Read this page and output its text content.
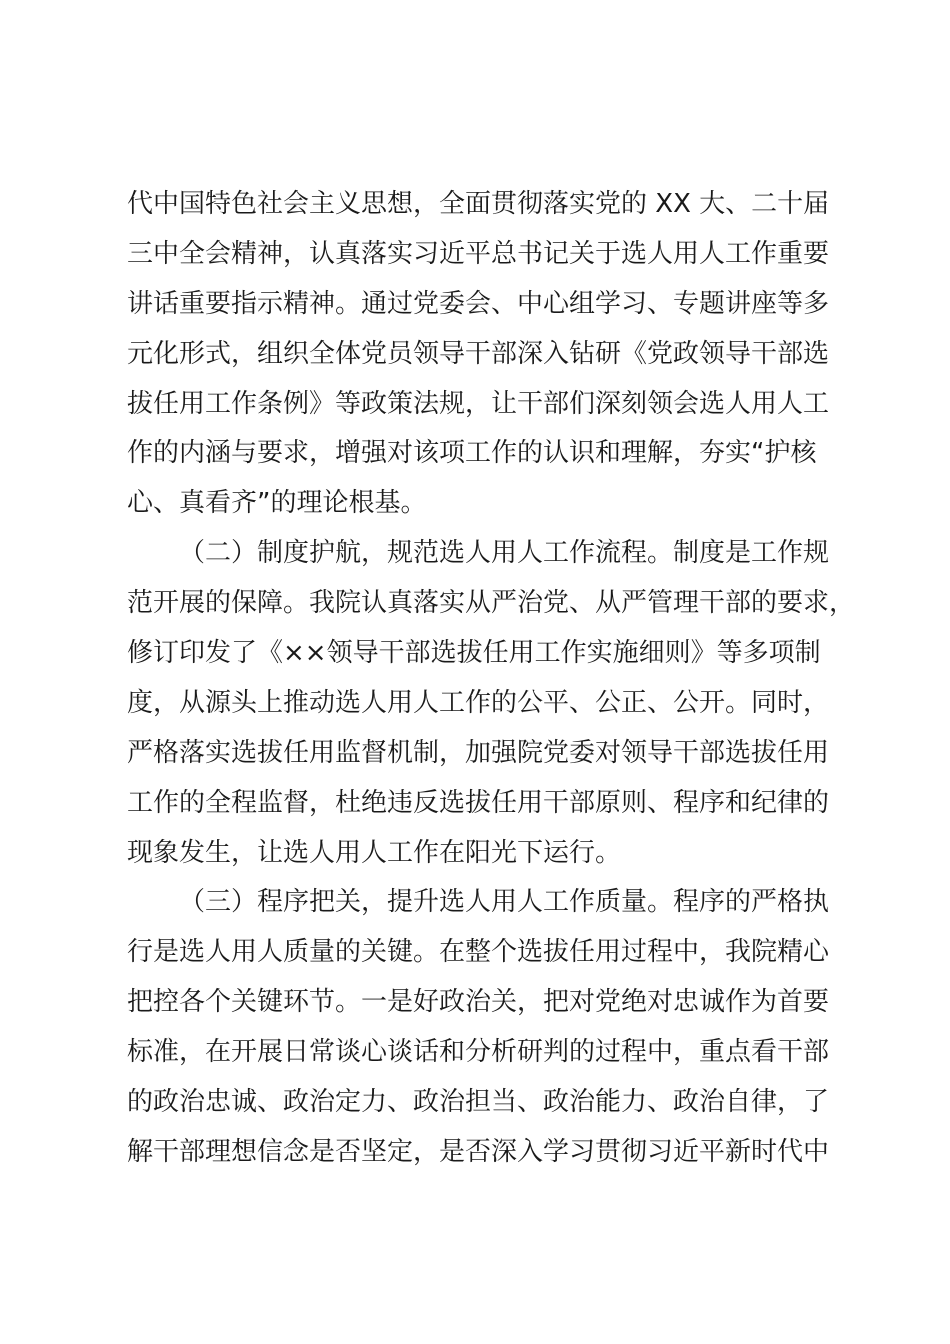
代中国特色社会主义思想，全面贯彻落实党的 XX 大、二十届

三中全会精神，认真落实习近平总书记关于选人用人工作重要

讲话重要指示精神。通过党委会、中心组学习、专题讲座等多

元化形式，组织全体党员领导干部深入钻研《党政领导干部选

拔任用工作条例》等政策法规，让干部们深刻领会选人用人工

作的内涵与要求，增强对该项工作的认识和理解，夯实“护核

心、真看齐”的理论根基。

（二）制度护航，规范选人用人工作流程。制度是工作规

范开展的保障。我院认真落实从严治党、从严管理干部的要求，

修订印发了《××领导干部选拔任用工作实施细则》等多项制

度，从源头上推动选人用人工作的公平、公正、公开。同时，

严格落实选拔任用监督机制，加强院党委对领导干部选拔任用

工作的全程监督，杜绝违反选拔任用干部原则、程序和纪律的

现象发生，让选人用人工作在阳光下运行。

（三）程序把关，提升选人用人工作质量。程序的严格执

行是选人用人质量的关键。在整个选拔任用过程中，我院精心

把控各个关键环节。一是好政治关，把对党绝对忠诚作为首要

标准，在开展日常谈心谈话和分析研判的过程中，重点看干部

的政治忠诚、政治定力、政治担当、政治能力、政治自律，了

解干部理想信念是否坚定，是否深入学习贯彻习近平新时代中
